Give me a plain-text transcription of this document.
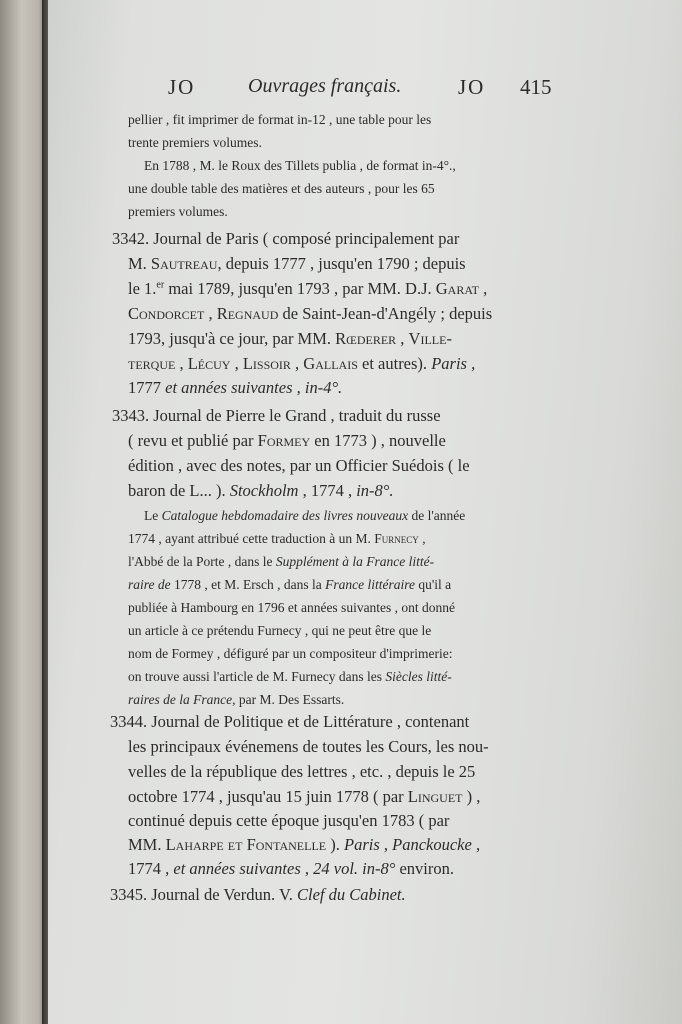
JO	Ouvrages français.	JO 415
pellier , fit imprimer de format in-12 , une table pour les
trente premiers volumes.
En 1788 , M. le Roux des Tillets publia , de format in-4°.,
une double table des matières et des auteurs , pour les 65
premiers volumes.
3342. Journal de Paris ( composé principalement par
M. Sautreau, depuis 1777 , jusqu'en 1790 ; depuis
le 1.$^{er}$ mai 1789, jusqu'en 1793 , par MM. D.J. Garat ,
Condorcet , Regnaud de Saint-Jean-d'Angély ; depuis
1793, jusqu'à ce jour, par MM. Rœderer , Ville-
terque , Lécuy , Lissoir , Gallais et autres). Paris ,
1777 et années suivantes , in-4°.
3343. Journal de Pierre le Grand , traduit du russe
( revu et publié par Formey en 1773 ) , nouvelle
édition , avec des notes, par un Officier Suédois ( le
baron de L... ). Stockholm , 1774 , in-8°.
Le Catalogue hebdomadaire des livres nouveaux de l'année
1774 , ayant attribué cette traduction à un M. Furnecy ,
l'Abbé de la Porte , dans le Supplément à la France litté-
raire de 1778 , et M. Ersch , dans la France littéraire qu'il a
publiée à Hambourg en 1796 et années suivantes , ont donné
un article à ce prétendu Furnecy , qui ne peut être que le
nom de Formey , défiguré par un compositeur d'imprimerie:
on trouve aussi l'article de M. Furnecy dans les Siècles litté-
raires de la France, par M. Des Essarts.
3344. Journal de Politique et de Littérature , contenant
les principaux événemens de toutes les Cours, les nou-
velles de la république des lettres , etc. , depuis le 25
octobre 1774 , jusqu'au 15 juin 1778 ( par Linguet ) ,
continué depuis cette époque jusqu'en 1783 ( par
MM. Laharpe et Fontanelle ). Paris , Panckoucke ,
1774 , et années suivantes , 24 vol. in-8° environ.
3345. Journal de Verdun. V. Clef du Cabinet.
